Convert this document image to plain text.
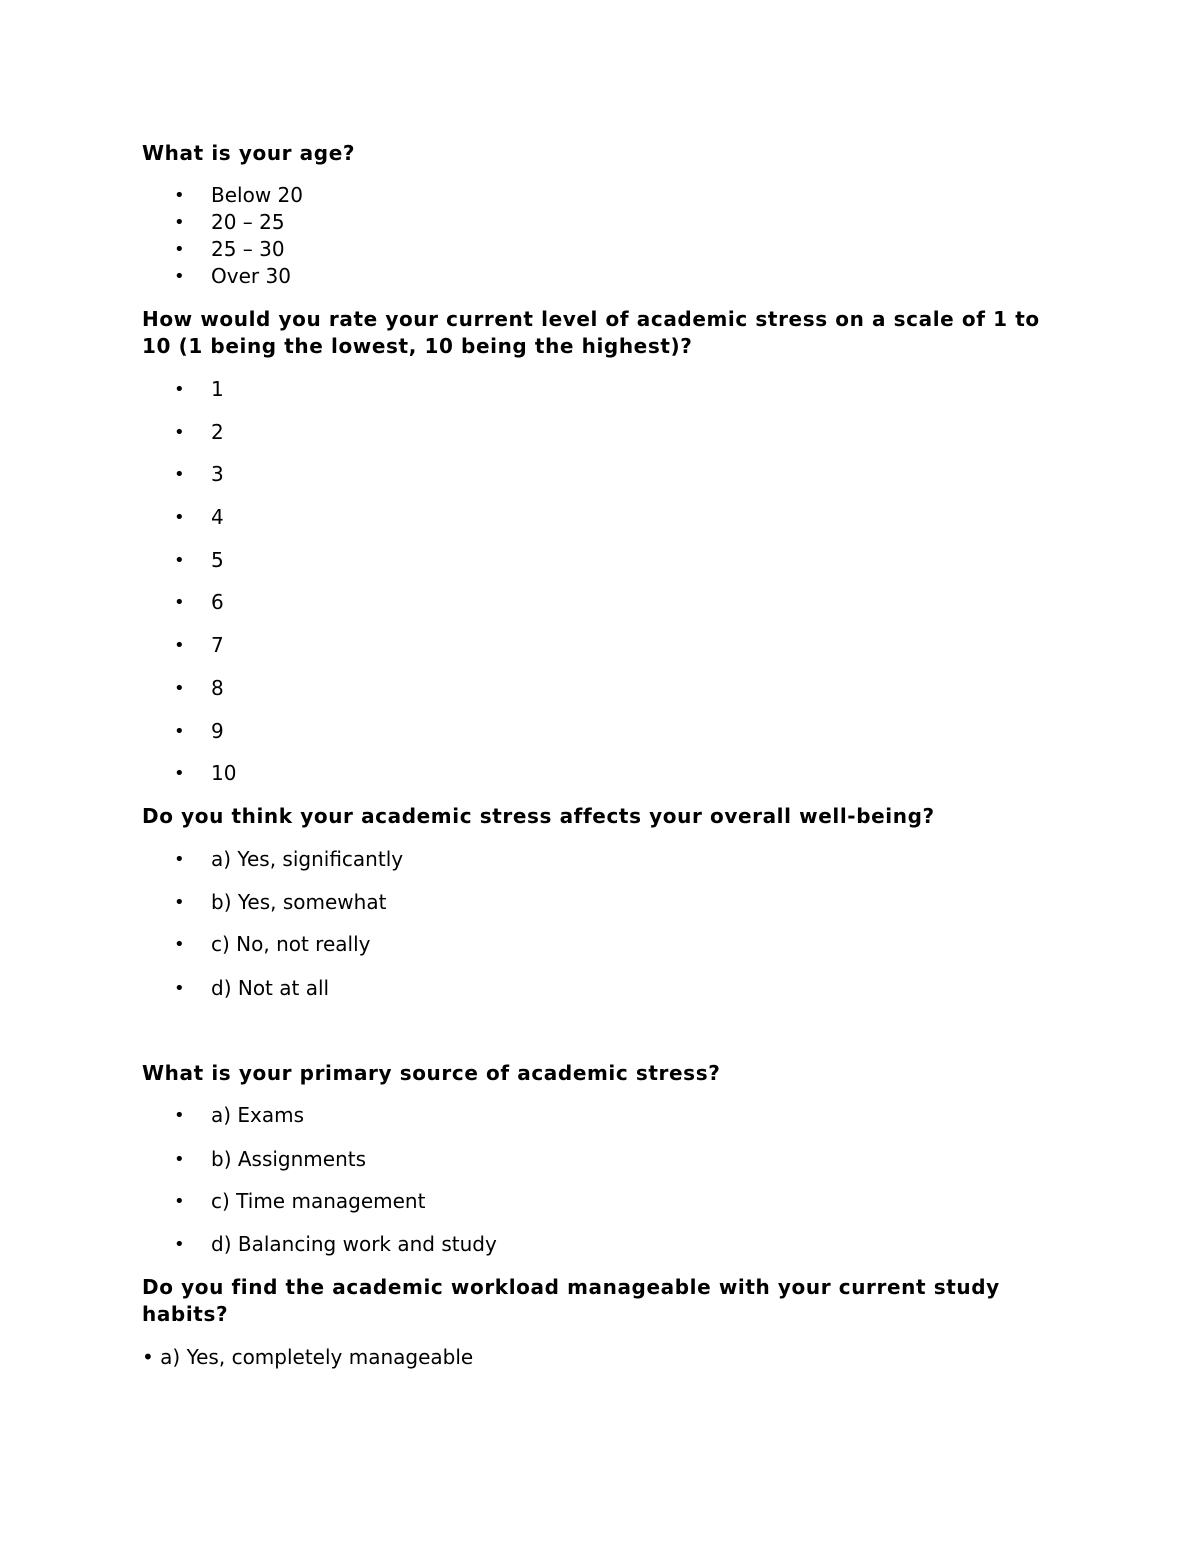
What is your age?

• Below 20
• 20 – 25
• 25 – 30
• Over 30

How would you rate your current level of academic stress on a scale of 1 to 10 (1 being the lowest, 10 being the highest)?

• 1
• 2
• 3
• 4
• 5
• 6
• 7
• 8
• 9
• 10

Do you think your academic stress affects your overall well-being?

• a) Yes, significantly
• b) Yes, somewhat
• c) No, not really
• d) Not at all

What is your primary source of academic stress?

• a) Exams
• b) Assignments
• c) Time management
• d) Balancing work and study

Do you find the academic workload manageable with your current study habits?

• a) Yes, completely manageable
